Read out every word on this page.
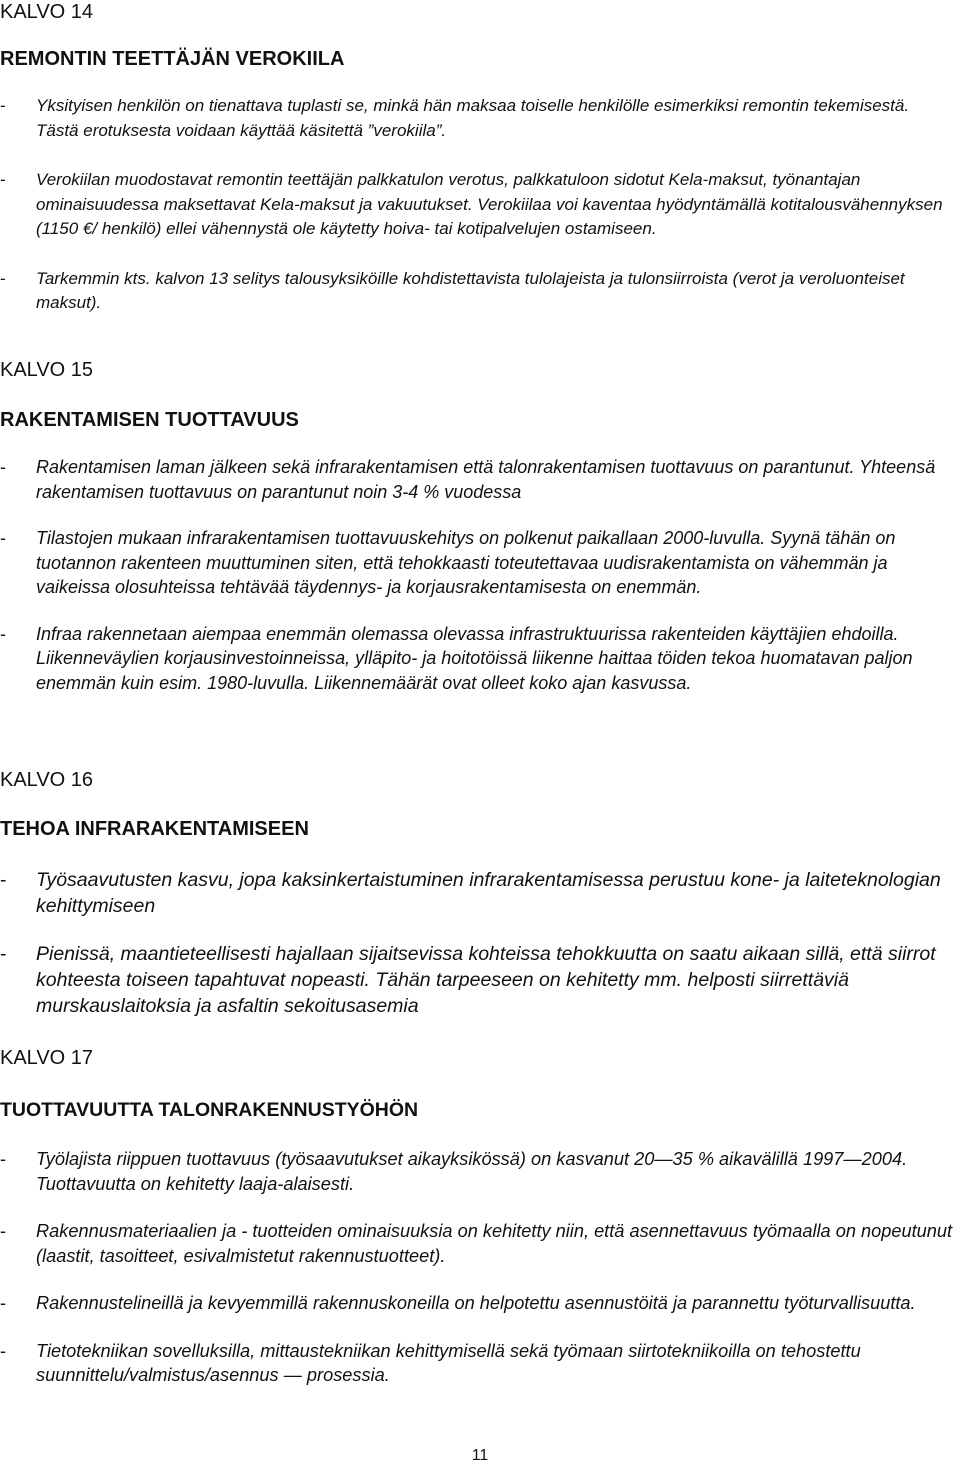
KALVO 14
REMONTIN TEETTÄJÄN VEROKIILA
- Yksityisen henkilön on tienattava tuplasti se, minkä hän maksaa toiselle henkilölle esimerkiksi remontin tekemisestä. Tästä erotuksesta voidaan käyttää käsitettä ”verokiila”.
- Verokiilan muodostavat remontin teettäjän palkkatulon verotus, palkkatuloon sidotut Kela-maksut, työnantajan ominaisuudessa maksettavat Kela-maksut ja vakuutukset. Verokiilaa voi kaventaa hyödyntämällä kotitalousvähennyksen (1150 €/ henkilö) ellei vähennystä ole käytetty hoiva- tai kotipalvelujen ostamiseen.
- Tarkemmin kts. kalvon 13 selitys talousyksiköille kohdistettavista tulolajeista ja tulonsiirroista (verot ja veroluonteiset maksut).
KALVO 15
RAKENTAMISEN TUOTTAVUUS
- Rakentamisen laman jälkeen sekä infrarakentamisen että talonrakentamisen tuottavuus on parantunut. Yhteensä rakentamisen tuottavuus on parantunut noin 3-4 % vuodessa
- Tilastojen mukaan infrarakentamisen tuottavuuskehitys on polkenut paikallaan 2000-luvulla. Syynä tähän on tuotannon rakenteen muuttuminen siten, että tehokkaasti toteutettavaa uudisrakentamista on vähemmän ja vaikeissa olosuhteissa tehtävää täydennys- ja korjausrakentamisesta on enemmän.
- Infraa rakennetaan aiempaa enemmän olemassa olevassa infrastruktuurissa rakenteiden käyttäjien ehdoilla. Liikenneväylien korjausinvestoinneissa, ylläpito- ja hoitotöissä liikenne haittaa töiden tekoa huomatavan paljon enemmän kuin esim. 1980-luvulla. Liikennemäärät ovat olleet koko ajan kasvussa.
KALVO 16
TEHOA INFRARAKENTAMISEEN
- Työsaavutusten kasvu, jopa kaksinkertaistuminen infrarakentamisessa perustuu kone- ja laiteteknologian kehittymiseen
- Pienissä, maantieteellisesti hajallaan sijaitsevissa kohteissa tehokkuutta on saatu aikaan sillä, että siirrot kohteesta toiseen tapahtuvat nopeasti. Tähän tarpeeseen on kehitetty mm. helposti siirrettäviä murskauslaitoksia ja asfaltin sekoitusasemia
KALVO 17
TUOTTAVUUTTA TALONRAKENNUSTYÖHÖN
- Työlajista riippuen tuottavuus (työsaavutukset aikayksikössä) on kasvanut 20—35 % aikavälillä 1997—2004. Tuottavuutta on kehitetty laaja-alaisesti.
- Rakennusmateriaalien ja - tuotteiden ominaisuuksia on kehitetty niin, että asennettavuus työmaalla on nopeutunut (laastit, tasoitteet, esivalmistetut rakennustuotteet).
- Rakennustelineillä ja kevyemmillä rakennuskoneilla on helpotettu asennustöitä ja parannettu työturvallisuutta.
- Tietotekniikan sovelluksilla, mittaustekniikan kehittymisellä sekä työmaan siirtotekniikoilla on tehostettu suunnittelu/valmistus/asennus — prosessia.
11
